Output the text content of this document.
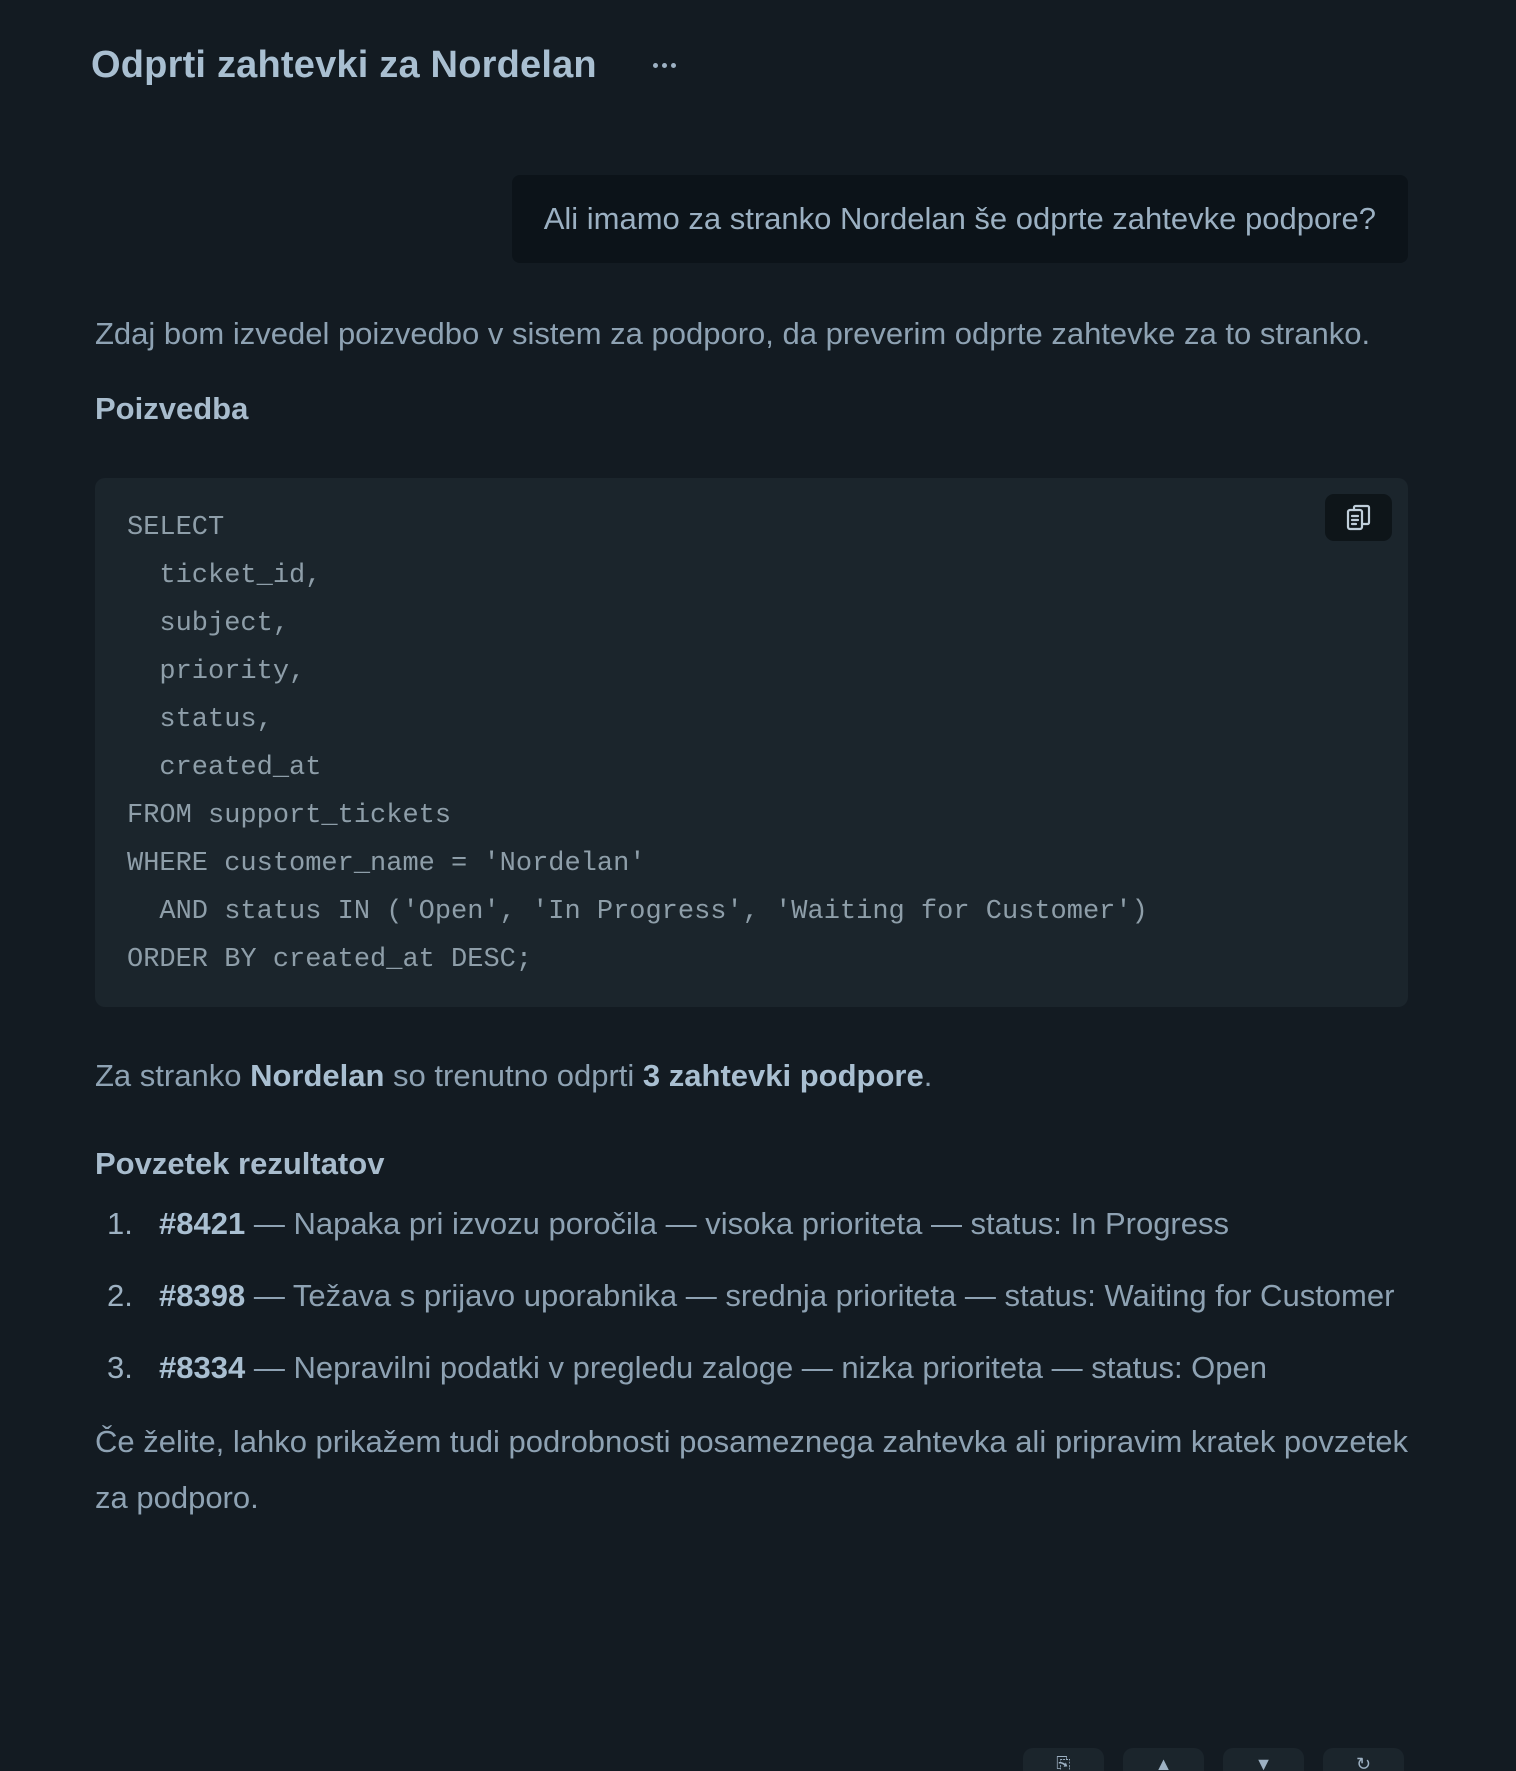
Odprti zahtevki za Nordelan
Ali imamo za stranko Nordelan še odprte zahtevke podpore?

Zdaj bom izvedel poizvedbo v sistem za podporo, da preverim odprte zahtevke za to stranko.

Poizvedba
SELECT
ticket_id,
subject,
priority,
status,
created_at
FROM support_tickets
WHERE customer_name = 'Nordelan'
AND status IN ('Open', 'In Progress', 'Waiting for Customer')
ORDER BY created_at DESC;

Za stranko Nordelan so trenutno odprti 3 zahtevki podpore.

Povzetek rezultatov
1. #8421 — Napaka pri izvozu poročila — visoka prioriteta — status: In Progress
2. #8398 — Težava s prijavo uporabnika — srednja prioriteta — status: Waiting for Customer
3. #8334 — Nepravilni podatki v pregledu zaloge — nizka prioriteta — status: Open

Če želite, lahko prikažem tudi podrobnosti posameznega zahtevka ali pripravim kratek povzetek za podporo.

⎘	▲	▼	↻
